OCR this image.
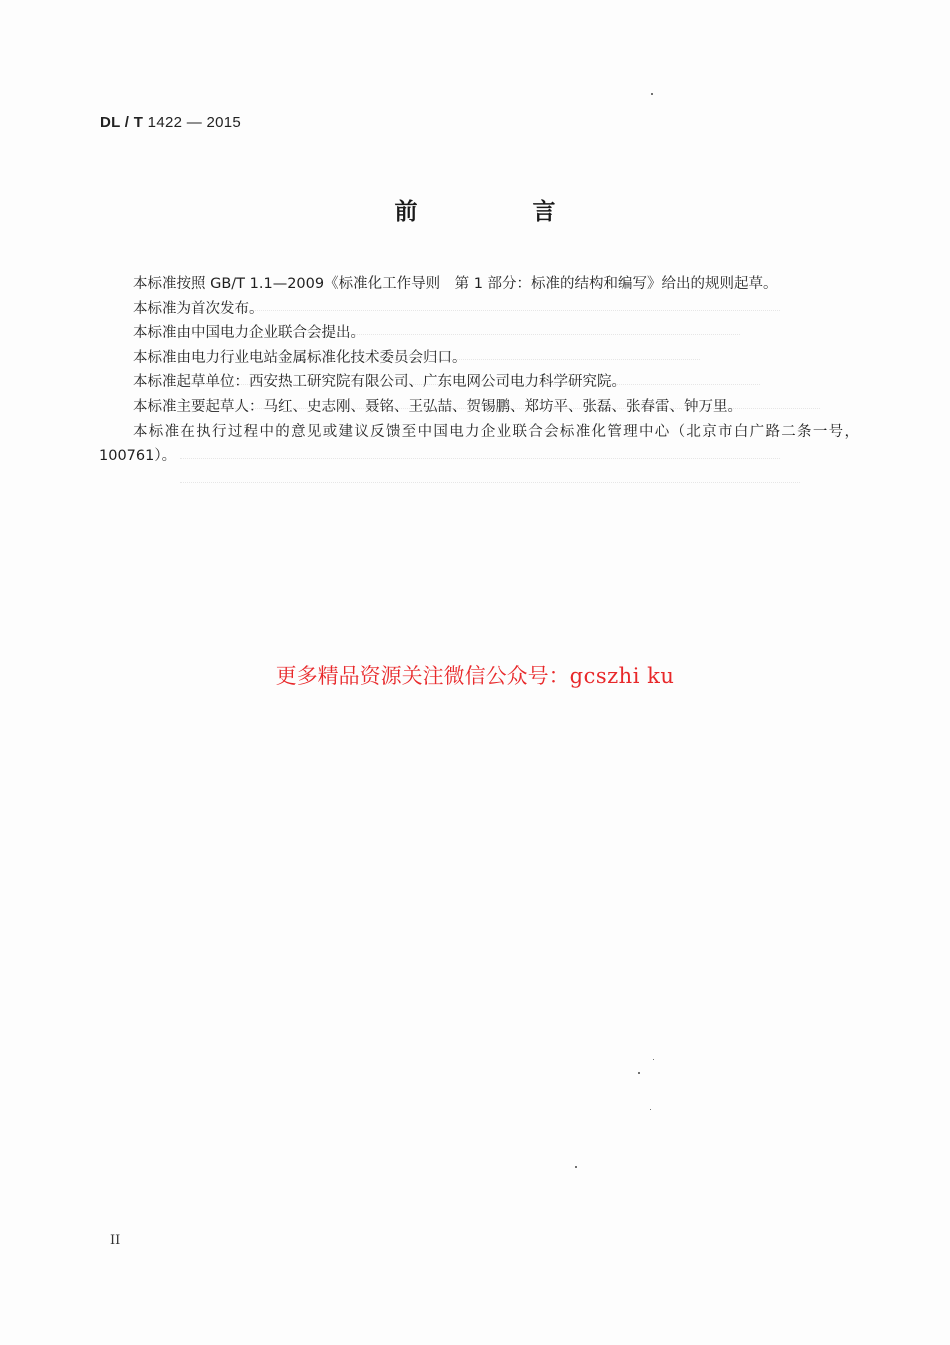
DL / T 1422 — 2015
前　言

本标准按照 GB/T 1.1—2009《标准化工作导则　第 1 部分：标准的结构和编写》给出的规则起草。

本标准为首次发布。

本标准由中国电力企业联合会提出。

本标准由电力行业电站金属标准化技术委员会归口。

本标准起草单位：西安热工研究院有限公司、广东电网公司电力科学研究院。

本标准主要起草人：马红、史志刚、聂铭、王弘喆、贺锡鹏、郑坊平、张磊、张春雷、钟万里。

本标准在执行过程中的意见或建议反馈至中国电力企业联合会标准化管理中心（北京市白广路二条一号，100761）。

更多精品资源关注微信公众号：gcszhi ku
II
